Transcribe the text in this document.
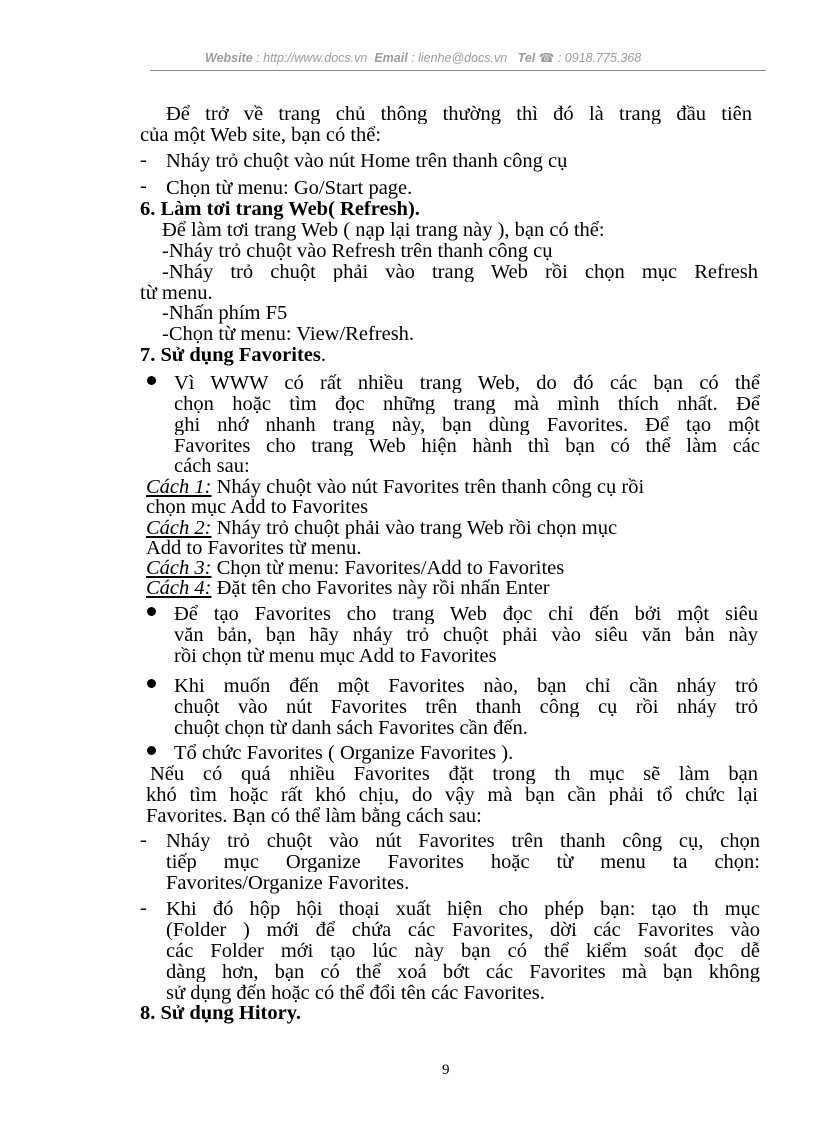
Website : http://www.docs.vn Email : lienhe@docs.vn Tel ☎ : 0918.775.368
Để trở về trang chủ thông thường thì đó là trang đầu tiên
của một Web site, bạn có thể:
- Nháy trỏ chuột vào nút Home trên thanh công cụ
- Chọn từ menu: Go/Start page.
6. Làm tơi trang Web( Refresh).
Để làm tơi trang Web ( nạp lại trang này ), bạn có thể:
-Nháy trỏ chuột vào Refresh trên thanh công cụ
-Nháy trỏ chuột phải vào trang Web rồi chọn mục Refresh
từ menu.
-Nhấn phím F5
-Chọn từ menu: View/Refresh.
7. Sử dụng Favorites.
Vì WWW có rất nhiều trang Web, do đó các bạn có thể
chọn hoặc tìm đọc những trang mà mình thích nhất. Để
ghi nhớ nhanh trang này, bạn dùng Favorites. Để tạo một
Favorites cho trang Web hiện hành thì bạn có thể làm các
cách sau:
Cách 1: Nháy chuột vào nút Favorites trên thanh công cụ rồi
chọn mục Add to Favorites
Cách 2: Nháy trỏ chuột phải vào trang Web rồi chọn mục
Add to Favorites từ menu.
Cách 3: Chọn từ menu: Favorites/Add to Favorites
Cách 4: Đặt tên cho Favorites này rồi nhấn Enter
Để tạo Favorites cho trang Web đọc chỉ đến bởi một siêu
văn bản, bạn hãy nháy trỏ chuột phải vào siêu văn bản này
rồi chọn từ menu mục Add to Favorites
Khi muốn đến một Favorites nào, bạn chỉ cần nháy trỏ
chuột vào nút Favorites trên thanh công cụ rồi nháy trỏ
chuột chọn từ danh sách Favorites cần đến.
Tổ chức Favorites ( Organize Favorites ).
Nếu có quá nhiều Favorites đặt trong th mục sẽ làm bạn
khó tìm hoặc rất khó chịu, do vậy mà bạn cần phải tổ chức lại
Favorites. Bạn có thể làm bằng cách sau:
- Nháy trỏ chuột vào nút Favorites trên thanh công cụ, chọn
tiếp mục Organize Favorites hoặc từ menu ta chọn:
Favorites/Organize Favorites.
- Khi đó hộp hội thoại xuất hiện cho phép bạn: tạo th mục
(Folder ) mới để chứa các Favorites, dời các Favorites vào
các Folder mới tạo lúc này bạn có thể kiểm soát đọc dễ
dàng hơn, bạn có thể xoá bớt các Favorites mà bạn không
sử dụng đến hoặc có thể đổi tên các Favorites.
8. Sử dụng Hitory.
9
